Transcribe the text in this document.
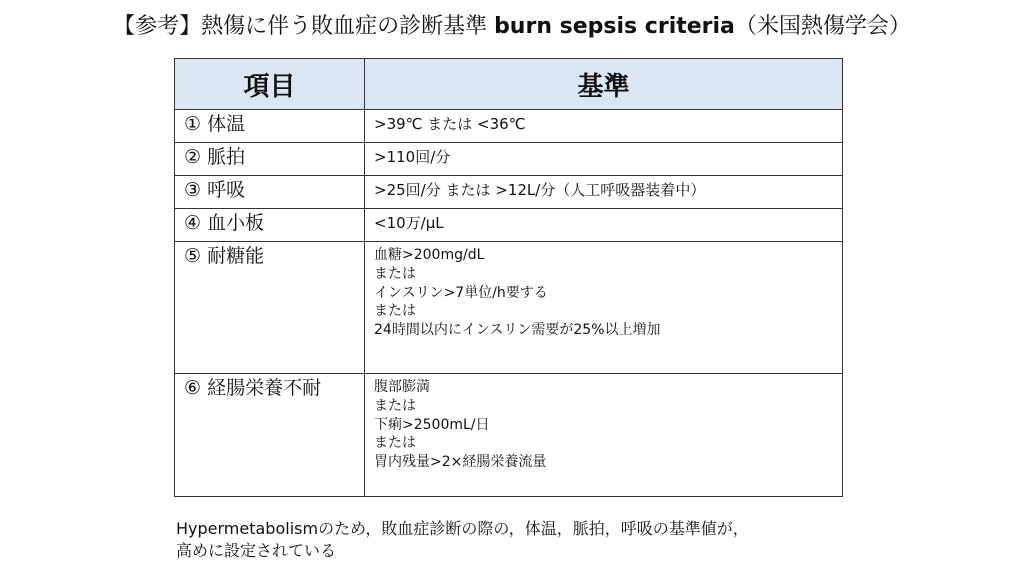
【参考】熱傷に伴う敗血症の診断基準 burn sepsis criteria（米国熱傷学会）
項目	基準
① 体温	>39℃ または <36℃

② 脈拍	>110回/分

③ 呼吸	>25回/分 または >12L/分（人工呼吸器装着中）

④ 血小板	<10万/μL

⑤ 耐糖能	血糖>200mg/dL
または
インスリン>7単位/h要する
または
24時間以内にインスリン需要が25%以上増加

⑥ 経腸栄養不耐	腹部膨満
または
下痢>2500mL/日
または
胃内残量>2×経腸栄養流量
Hypermetabolismのため，敗血症診断の際の，体温，脈拍，呼吸の基準値が，
高めに設定されている
